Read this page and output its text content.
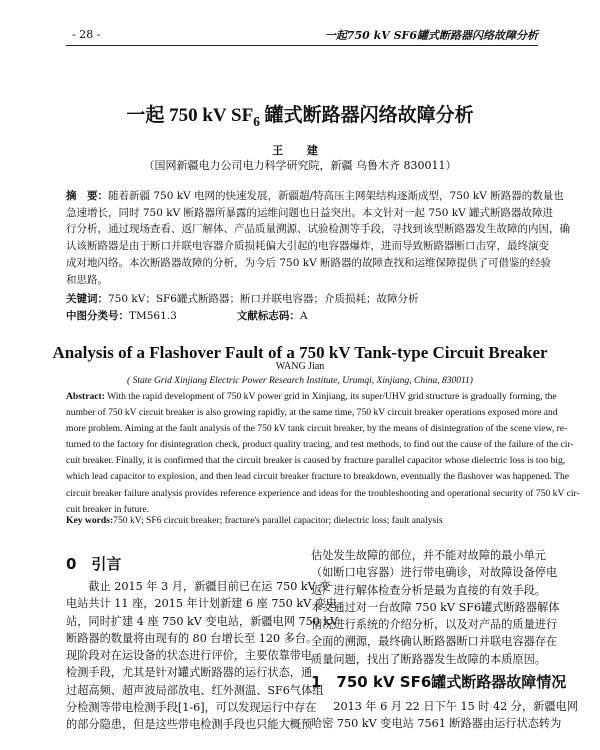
- 28 -	一起750 kV SF6罐式断路器闪络故障分析
一起 750 kV $SF_6$ 罐式断路器闪络故障分析
王 建
（国网新疆电力公司电力科学研究院，新疆 乌鲁木齐 830011）
摘　要：随着新疆 750 kV 电网的快速发展，新疆超/特高压主网架结构逐渐成型，750 kV 断路器的数量也
急速增长，同时 750 kV 断路器所暴露的运维问题也日益突出。本文针对一起 750 kV 罐式断路器故障进
行分析，通过现场查看、返厂解体、产品质量溯源、试验检测等手段，寻找到该型断路器发生故障的内因，确
认该断路器是由于断口并联电容器介质损耗偏大引起的电容器爆炸，进而导致断路器断口击穿，最终演变
成对地闪络。本次断路器故障的分析，为今后 750 kV 断路器的故障查找和运维保障提供了可借鉴的经验
和思路。
关键词：750 kV；SF6罐式断路器；断口并联电容器；介质损耗；故障分析
中图分类号：TM561.3	文献标志码：A
Analysis of a Flashover Fault of a 750 kV Tank-type Circuit Breaker
WANG Jian
( State Grid Xinjiang Electric Power Research Institute, Urumqi, Xinjiang, China, 830011)
Abstract: With the rapid development of 750 kV power grid in Xinjiang, its super/UHV grid structure is gradually forming, the
number of 750 kV circuit breaker is also growing rapidly, at the same time, 750 kV circuit breaker operations exposed more and
more problem. Aiming at the fault analysis of the 750 kV tank circuit breaker, by the means of disintegration of the scene view, re-
turned to the factory for disintegration check, product quality tracing, and test methods, to find out the cause of the failure of the cir-
cuit breaker. Finally, it is confirmed that the circuit breaker is caused by fracture parallel capacitor whose dielectric loss is too big,
which lead capacitor to explosion, and then lead circuit breaker fracture to breakdown, eventually the flashover was happened. The
circuit breaker failure analysis provides reference experience and ideas for the troubleshooting and operational security of 750 kV cir-
cuit breaker in future.
Key words:750 kV; SF6 circuit breaker; fracture's parallel capacitor; dielectric loss; fault analysis
0　引言
　　截止 2015 年 3 月，新疆目前已在运 750 kV 变
电站共计 11 座，2015 年计划新建 6 座 750 kV 变电
站，同时扩建 4 座 750 kV 变电站，新疆电网 750 kV
断路器的数量将由现有的 80 台增长至 120 多台。
现阶段对在运设备的状态进行评价，主要依靠带电
检测手段，尤其是针对罐式断路器的运行状态，通
过超高频、超声波局部放电、红外测温、SF6气体组
分检测等带电检测手段[1-6]，可以发现运行中存在
的部分隐患，但是这些带电检测手段也只能大概预
估处发生故障的部位，并不能对故障的最小单元
（如断口电容器）进行带电确诊，对故障设备停电
返厂进行解体检查分析是最为直接的有效手段。
本文通过对一台故障 750 kV SF6罐式断路器解体
情况进行系统的介绍分析，以及对产品的质量进行
全面的溯源，最终确认断路器断口并联电容器存在
质量问题，找出了断路器发生故障的本质原因。
1　750 kV SF6罐式断路器故障情况
　　2013 年 6 月 22 日下午 15 时 42 分，新疆电网
哈密 750 kV 变电站 7561 断路器由运行状态转为
